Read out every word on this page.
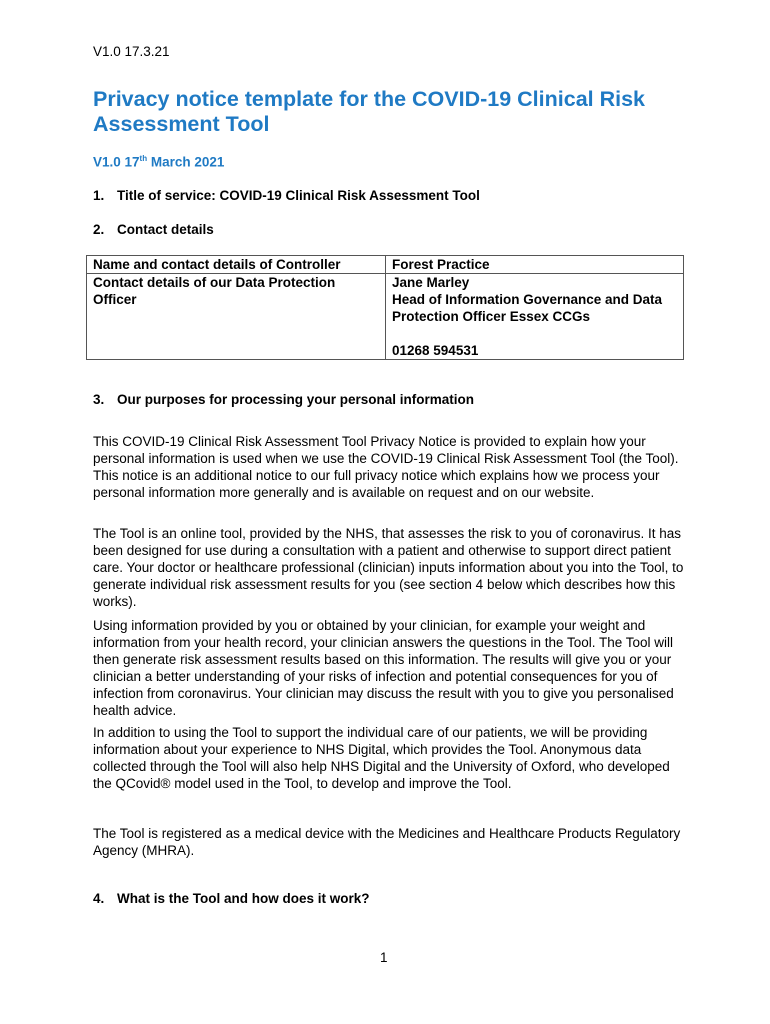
V1.0 17.3.21
Privacy notice template for the COVID-19 Clinical Risk Assessment Tool
V1.0 17th March 2021
1. Title of service: COVID-19 Clinical Risk Assessment Tool
2. Contact details
Name and contact details of Controller	Forest Practice
Contact details of our Data Protection Officer	Jane Marley
Head of Information Governance and Data Protection Officer Essex CCGs
01268 594531
3. Our purposes for processing your personal information
This COVID-19 Clinical Risk Assessment Tool Privacy Notice is provided to explain how your personal information is used when we use the COVID-19 Clinical Risk Assessment Tool (the Tool). This notice is an additional notice to our full privacy notice which explains how we process your personal information more generally and is available on request and on our website.
The Tool is an online tool, provided by the NHS, that assesses the risk to you of coronavirus. It has been designed for use during a consultation with a patient and otherwise to support direct patient care. Your doctor or healthcare professional (clinician) inputs information about you into the Tool, to generate individual risk assessment results for you (see section 4 below which describes how this works).
Using information provided by you or obtained by your clinician, for example your weight and information from your health record, your clinician answers the questions in the Tool. The Tool will then generate risk assessment results based on this information. The results will give you or your clinician a better understanding of your risks of infection and potential consequences for you of infection from coronavirus. Your clinician may discuss the result with you to give you personalised health advice.
In addition to using the Tool to support the individual care of our patients, we will be providing information about your experience to NHS Digital, which provides the Tool. Anonymous data collected through the Tool will also help NHS Digital and the University of Oxford, who developed the QCovid® model used in the Tool, to develop and improve the Tool.
The Tool is registered as a medical device with the Medicines and Healthcare Products Regulatory Agency (MHRA).
4. What is the Tool and how does it work?
1
